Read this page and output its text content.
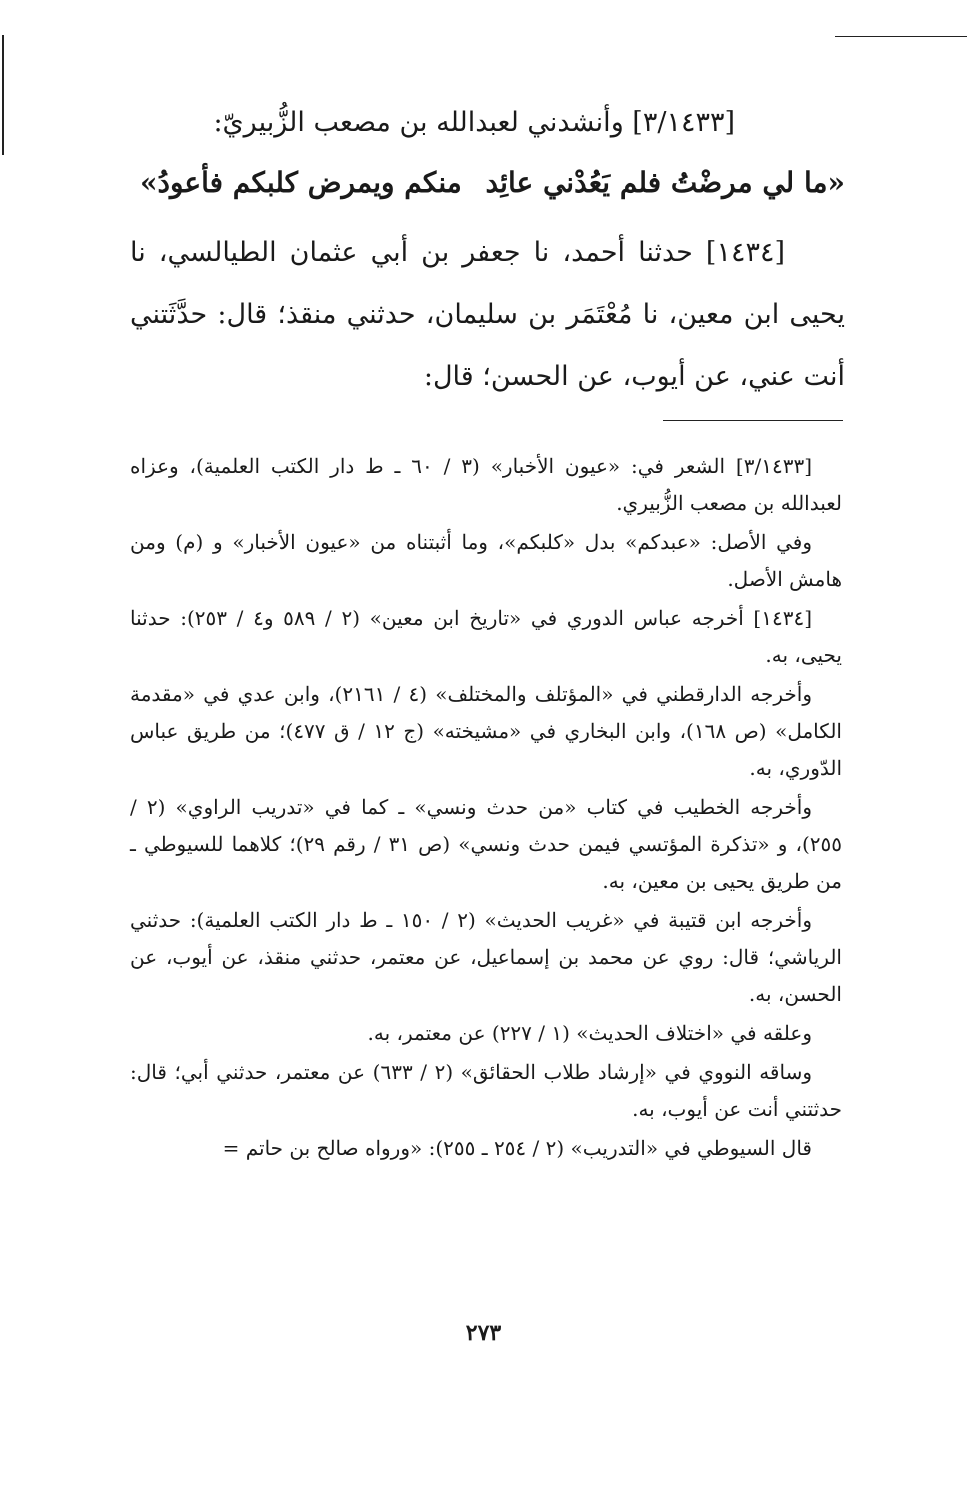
[٣/١٤٣٣] وأنشدني لعبدالله بن مصعب الزُّبيريّ:

«ما لي مرضْتُ فلم يَعُدْني عائِد
منكم ويمرض كلبكم فأعودُ»

[١٤٣٤] حدثنا أحمد، نا جعفر بن أبي عثمان الطيالسي، نا يحيى ابن معين، نا مُعْتَمَر بن سليمان، حدثني منقذ؛ قال: حدَّثَتني أنت عني، عن أيوب، عن الحسن؛ قال:

[٣/١٤٣٣] الشعر في: «عيون الأخبار» (٣ / ٦٠ ـ ط دار الكتب العلمية)، وعزاه لعبدالله بن مصعب الزُّبيري.

وفي الأصل: «عبدكم» بدل «كلبكم»، وما أثبتناه من «عيون الأخبار» و (م) ومن هامش الأصل.

[١٤٣٤] أخرجه عباس الدوري في «تاريخ ابن معين» (٢ / ٥٨٩ و٤ / ٢٥٣): حدثنا يحيى، به.

وأخرجه الدارقطني في «المؤتلف والمختلف» (٤ / ٢١٦١)، وابن عدي في «مقدمة الكامل» (ص ١٦٨)، وابن البخاري في «مشيخته» (ج ١٢ / ق ٤٧٧)؛ من طريق عباس الدّوري، به.

وأخرجه الخطيب في كتاب «من حدث ونسي» ـ كما في «تدريب الراوي» (٢ / ٢٥٥)، و «تذكرة المؤتسي فيمن حدث ونسي» (ص ٣١ / رقم ٢٩)؛ كلاهما للسيوطي ـ من طريق يحيى بن معين، به.

وأخرجه ابن قتيبة في «غريب الحديث» (٢ / ١٥٠ ـ ط دار الكتب العلمية): حدثني الرياشي؛ قال: روي عن محمد بن إسماعيل، عن معتمر، حدثني منقذ، عن أيوب، عن الحسن، به.

وعلقه في «اختلاف الحديث» (١ / ٢٢٧) عن معتمر، به.

وساقه النووي في «إرشاد طلاب الحقائق» (٢ / ٦٣٣) عن معتمر، حدثني أبي؛ قال: حدثتني أنت عن أيوب، به.

قال السيوطي في «التدريب» (٢ / ٢٥٤ ـ ٢٥٥): «ورواه صالح بن حاتم =

٢٧٣
